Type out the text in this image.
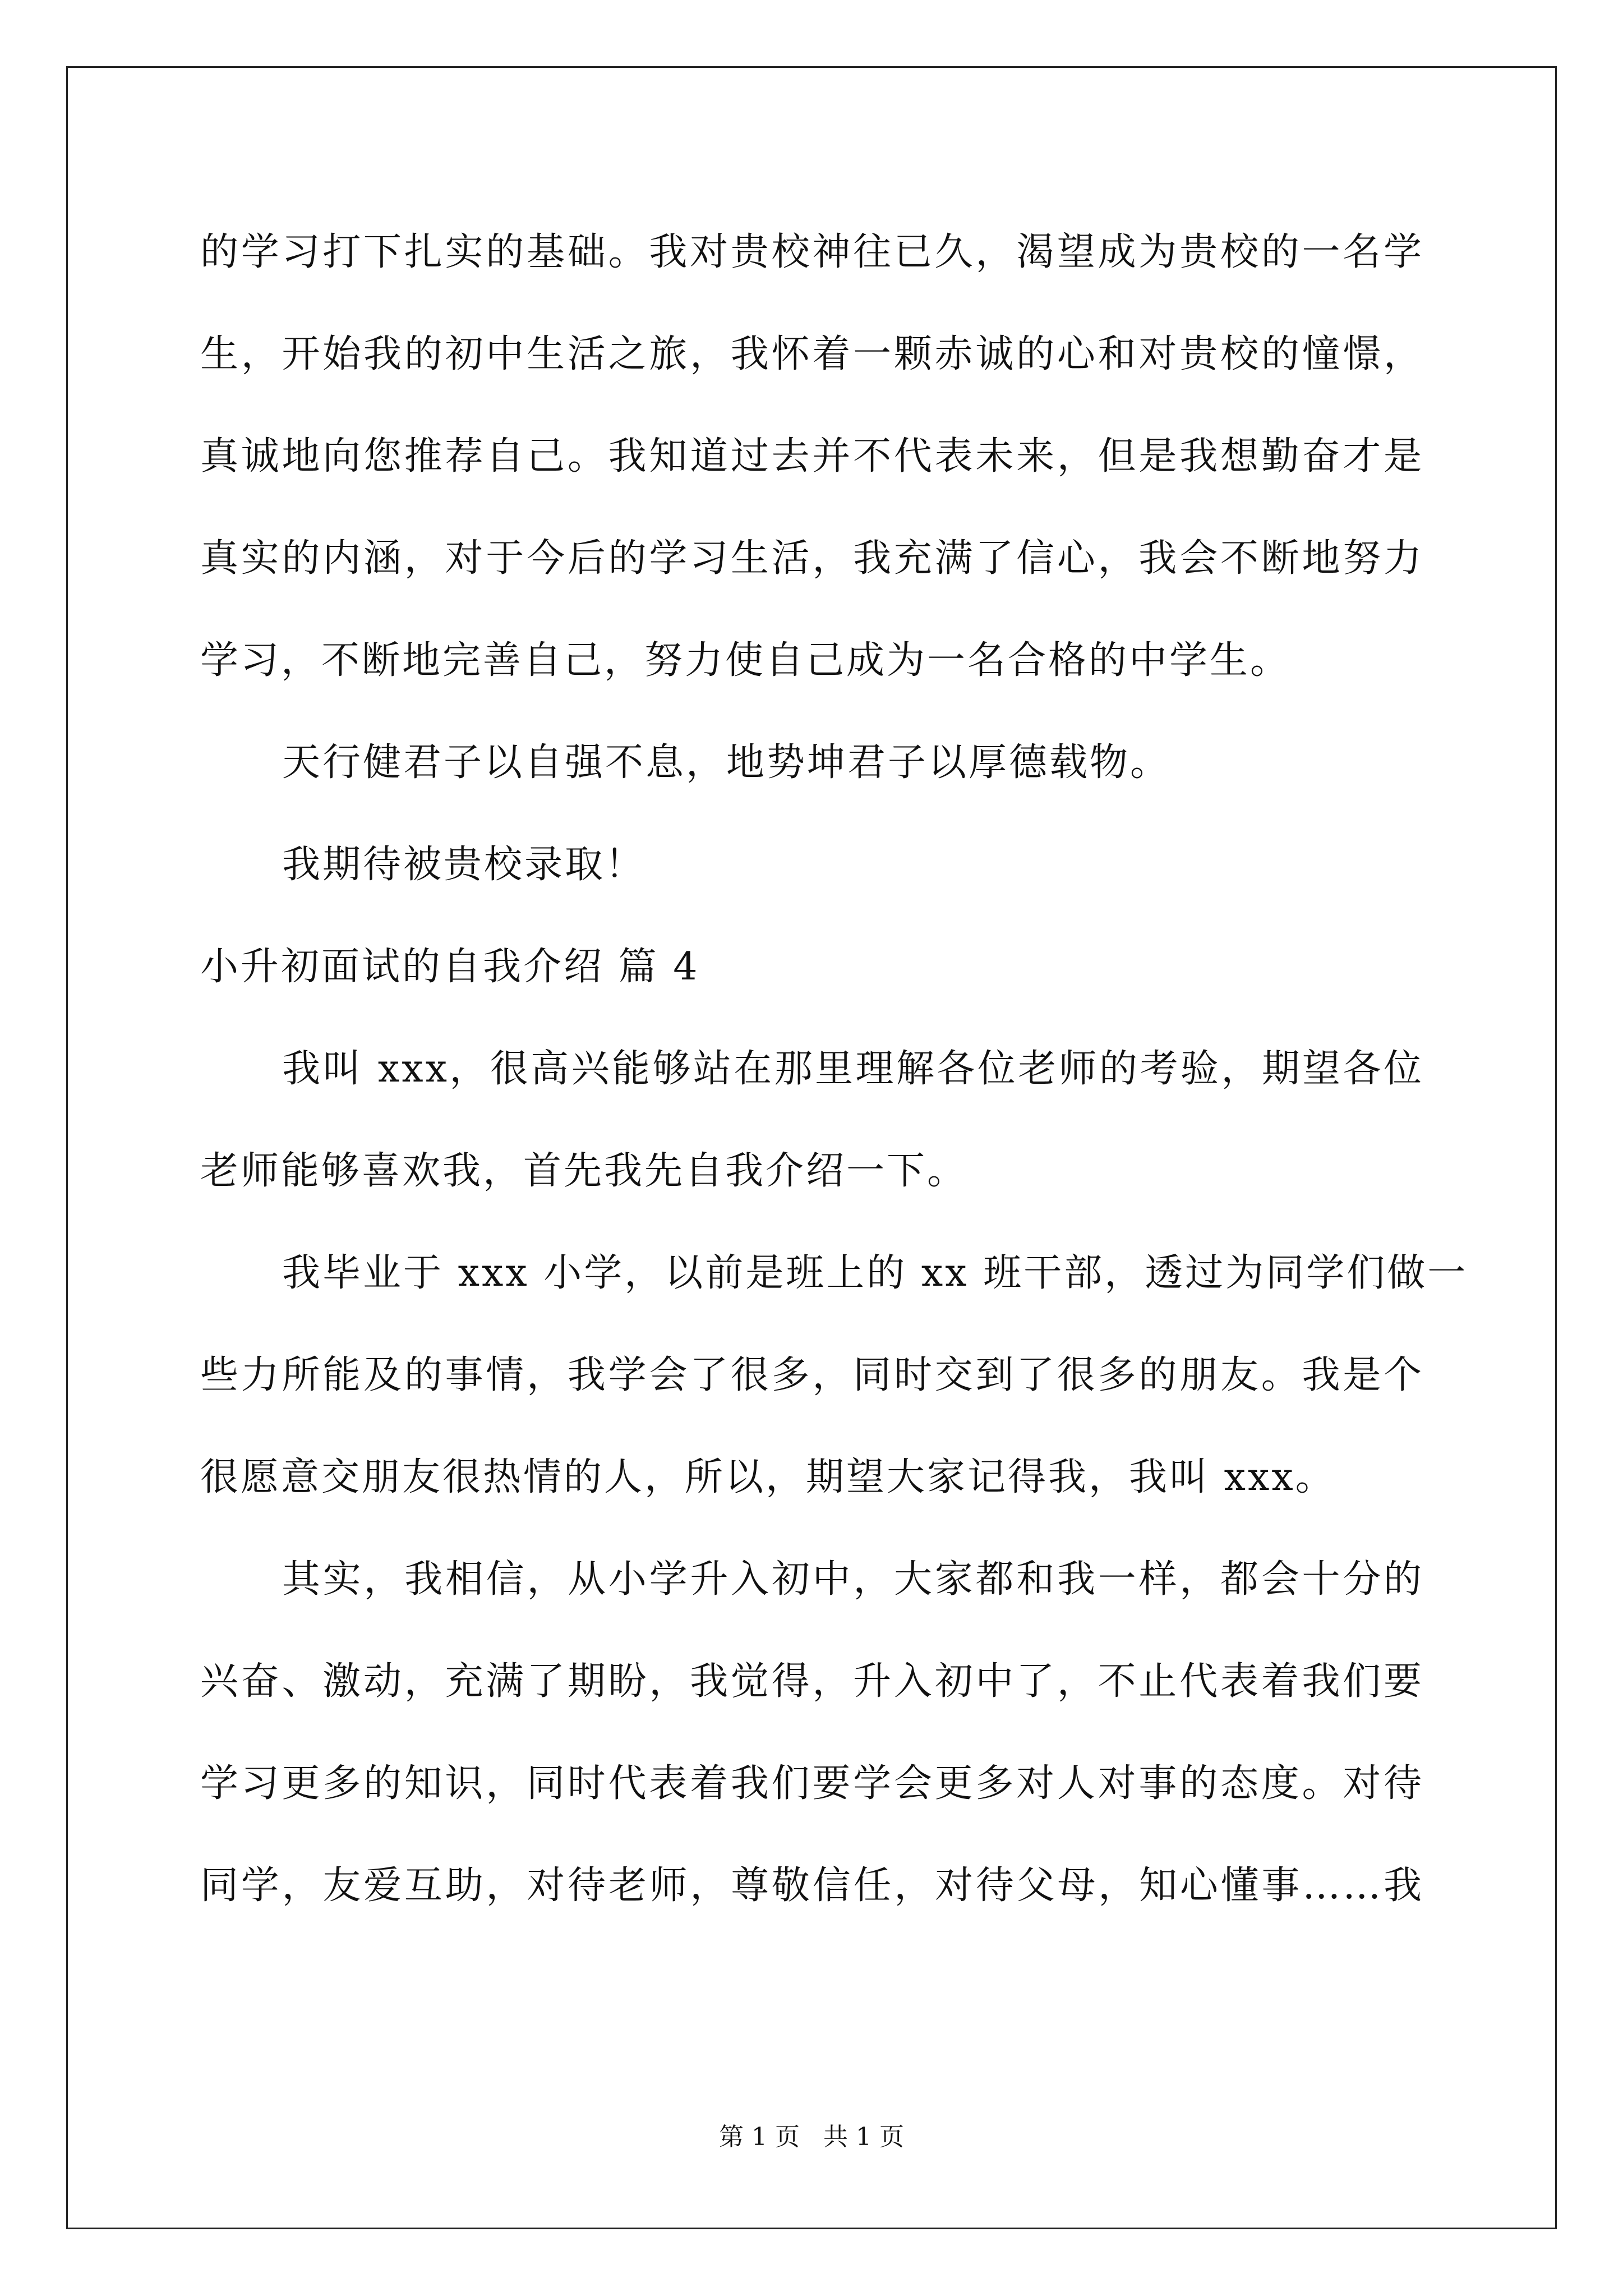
的学习打下扎实的基础。我对贵校神往已久，渴望成为贵校的一名学
生，开始我的初中生活之旅，我怀着一颗赤诚的心和对贵校的憧憬，
真诚地向您推荐自己。我知道过去并不代表未来，但是我想勤奋才是
真实的内涵，对于今后的学习生活，我充满了信心，我会不断地努力
学习，不断地完善自己，努力使自己成为一名合格的中学生。
天行健君子以自强不息，地势坤君子以厚德载物。
我期待被贵校录取！
小升初面试的自我介绍 篇 4
我叫 xxx，很高兴能够站在那里理解各位老师的考验，期望各位
老师能够喜欢我，首先我先自我介绍一下。
我毕业于 xxx 小学，以前是班上的 xx 班干部，透过为同学们做一
些力所能及的事情，我学会了很多，同时交到了很多的朋友。我是个
很愿意交朋友很热情的人，所以，期望大家记得我，我叫 xxx。
其实，我相信，从小学升入初中，大家都和我一样，都会十分的
兴奋、激动，充满了期盼，我觉得，升入初中了，不止代表着我们要
学习更多的知识，同时代表着我们要学会更多对人对事的态度。对待
同学，友爱互助，对待老师，尊敬信任，对待父母，知心懂事……我
第 1 页 共 1 页
